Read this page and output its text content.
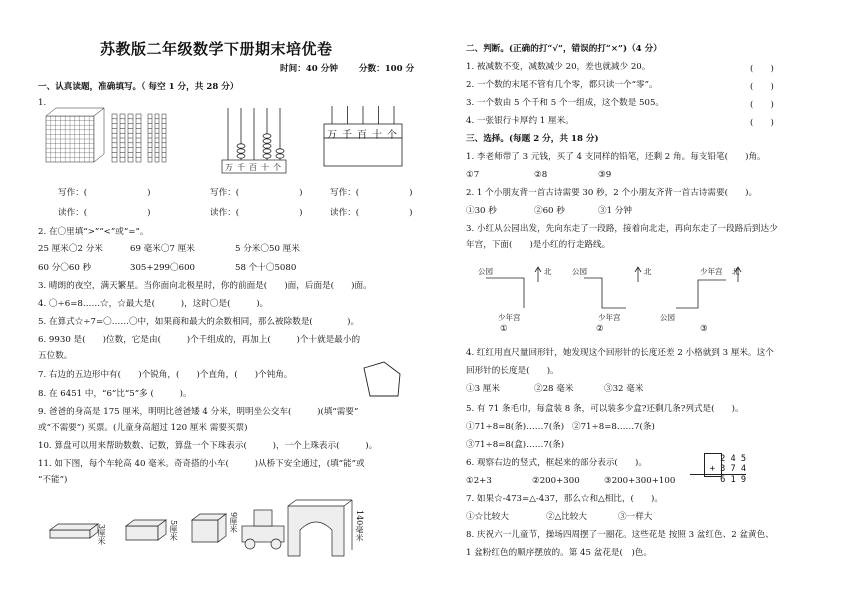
苏教版二年级数学下册期末培优卷
时间：40 分钟 分数：100 分
一、认真读题，准确填写。（ 每空 1 分，共 28 分）
1.
万 千 百 十 个
万 千 百 十 个
写作：(	)	写作：(	)	写作：(	)
读作：(	)	读作：(	)	读作：(	)
2. 在〇里填“>”“<”或“=”。
25 厘米〇2 分米	69 毫米〇7 厘米	5 分米〇50 厘米
60 分〇60 秒	305+299〇600	58 个十〇5080
3. 晴朗的夜空，满天繁星。当你面向北极星时，你的前面是(　　)面，后面是(　　)面。
4. 〇÷6=8……☆，☆最大是(　　　)，这时〇是(　　　)。
5. 在算式☆÷7=〇……〇中，如果商和最大的余数相同，那么被除数是(　　　　)。
6. 9930 是(　　)位数，它是由(　　　)个千组成的，再加上(　　　)个十就是最小的
五位数。
7. 右边的五边形中有(　　)个锐角，(　　)个直角，(　　)个钝角。
8. 在 6451 中，“6”比“5”多 (　　　)。
9. 爸爸的身高是 175 厘米，明明比爸爸矮 4 分米，明明坐公交车(　　　)(填“需要”
或“不需要”) 买票。(儿童身高超过 120 厘米 需要买票)
10. 算盘可以用来帮助数数、记数，算盘一个下珠表示(　　　)，一个上珠表示(　　　)。
11. 如下图，每个车轮高 40 毫米。奇奇搭的小车(　　　)从桥下安全通过，(填“能”或
“不能”)
3厘米	5厘米	9厘米	140毫米
二、判断。(正确的打“√”，错误的打“×”)（4 分）
1. 被减数不变，减数减少 20，差也就减少 20。	(　　)
2. 一个数的末尾不管有几个零，都只读一个“零”。	(　　)
3. 一个数由 5 个千和 5 个一组成，这个数是 505。	(　　)
4. 一张银行卡厚约 1 厘米。	(　　)
三、选择。(每题 2 分，共 18 分)
1. 李老师带了 3 元钱，买了 4 支同样的铅笔，还剩 2 角。每支铅笔(　　)角。
①7	②8	③9
2. 1 个小朋友背一首古诗需要 30 秒，2 个小朋友齐背一首古诗需要(　　)。
①30 秒	②60 秒	③1 分钟
3. 小红从公园出发，先向东走了一段路，接着向北走，再向东走了一段路后到达少
年宫，下面(　　)是小红的行走路线。
公园	北
少年宫
①
公园	北
少年宫
②
少年宫 北
公园
③
4. 红红用直尺量回形针，她发现这个回形针的长度还差 2 小格就到 3 厘米。这个
回形针的长度是(　　)。
①3 厘米	②28 毫米	③32 毫米
5. 有 71 条毛巾，每盒装 8 条，可以装多少盒?还剩几条?列式是(　　)。
①71÷8=8(条)……7(条) ②71÷8=8……7(条)
③71÷8=8(盒)……7(条)
6. 观察右边的竖式，框起来的部分表示(　　)。	2 4 5
+ 3 7 4
6 1 9
①2+3	②200+300	③200+300+100
7. 如果☆-473=△-437，那么☆和△相比，(　　)。
①☆比较大	②△比较大	③一样大
8. 庆祝六一儿童节，操场四周摆了一圈花。这些花是 按照 3 盆红色、2 盆黄色、
1 盆粉红色的顺序摆放的。第 45 盆花是(　)色。
